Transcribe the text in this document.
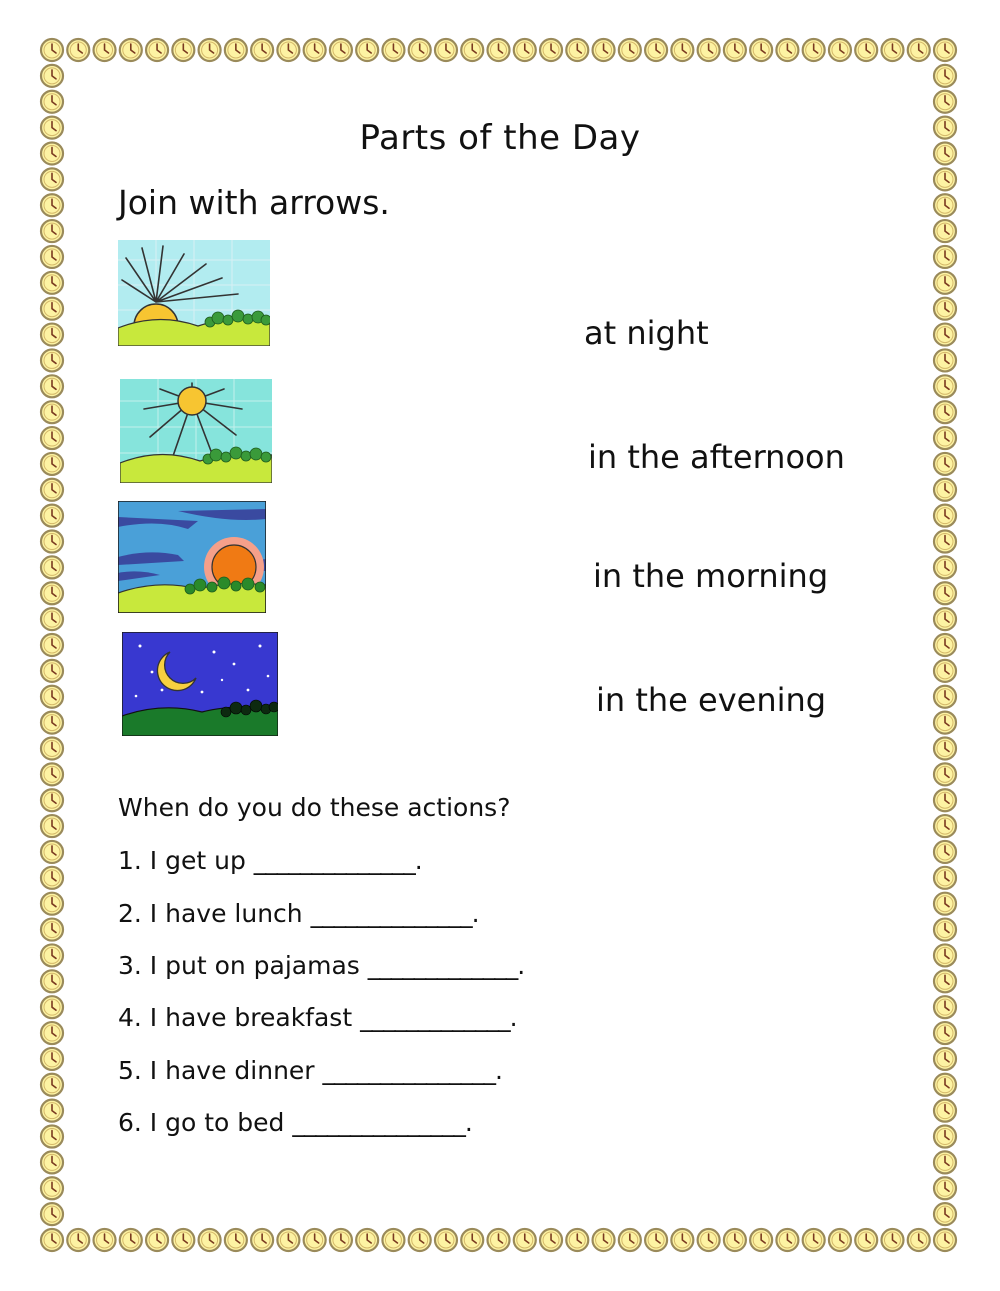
Parts of the Day
Join with arrows.
at night
in the afternoon
in the morning
in the evening
When do you do these actions?
1. I get up ______________.
2. I have lunch ______________.
3. I put on pajamas _____________.
4. I have breakfast _____________.
5. I have dinner _______________.
6. I go to bed _______________.
